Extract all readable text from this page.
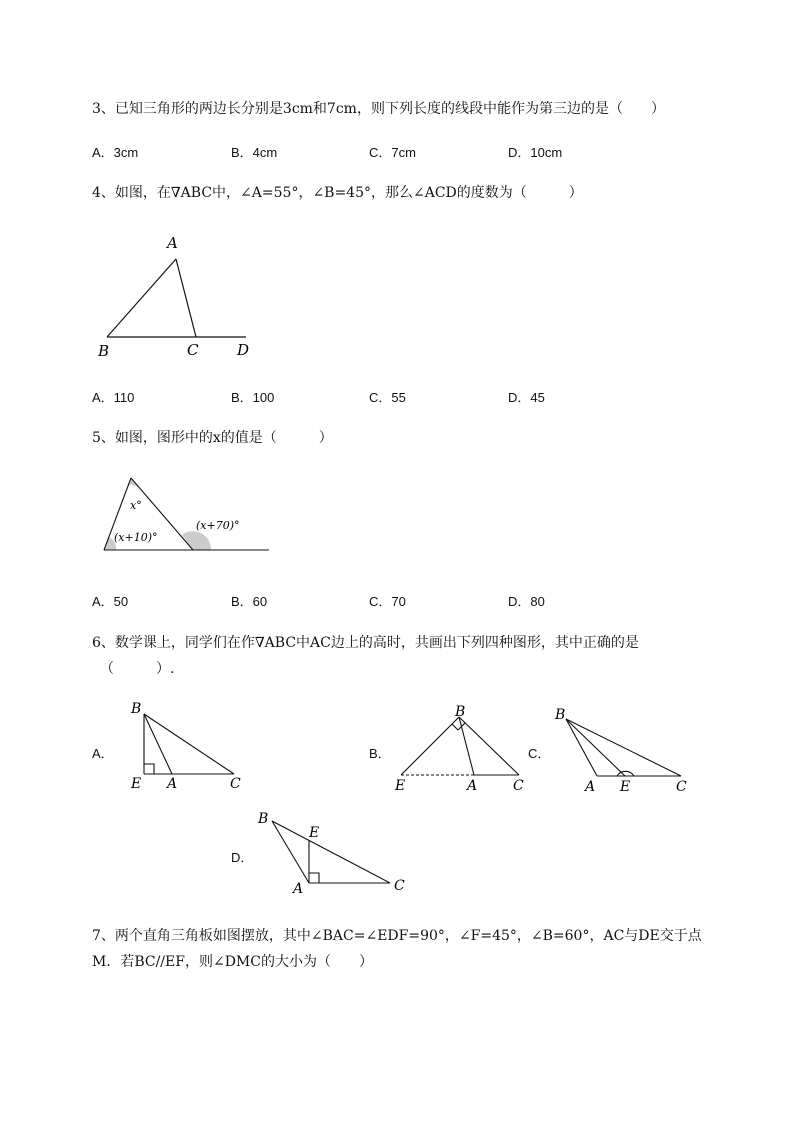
3、已知三角形的两边长分别是3cm和7cm，则下列长度的线段中能作为第三边的是（　　）
A．3cm	B．4cm	C．7cm	D．10cm
4、如图，在∇ABC中，∠A=55°，∠B=45°，那么∠ACD的度数为（　　　）
A
B	C	D
x°
(x+10)°
(x+70)°
B
E A	C
B
E	A	C
B
A E	C
B
E
A	C
A．110	B．100	C．55	D．45
5、如图，图形中的x的值是（　　　）
A．50	B．60	C．70	D．80
6、数学课上，同学们在作∇ABC中AC边上的高时，共画出下列四种图形，其中正确的是
（　　　）.
A．	B．	C．
D．
7、两个直角三角板如图摆放，其中∠BAC=∠EDF=90°，∠F=45°，∠B=60°，AC与DE交于点
M．若BC//EF，则∠DMC的大小为（　　）
